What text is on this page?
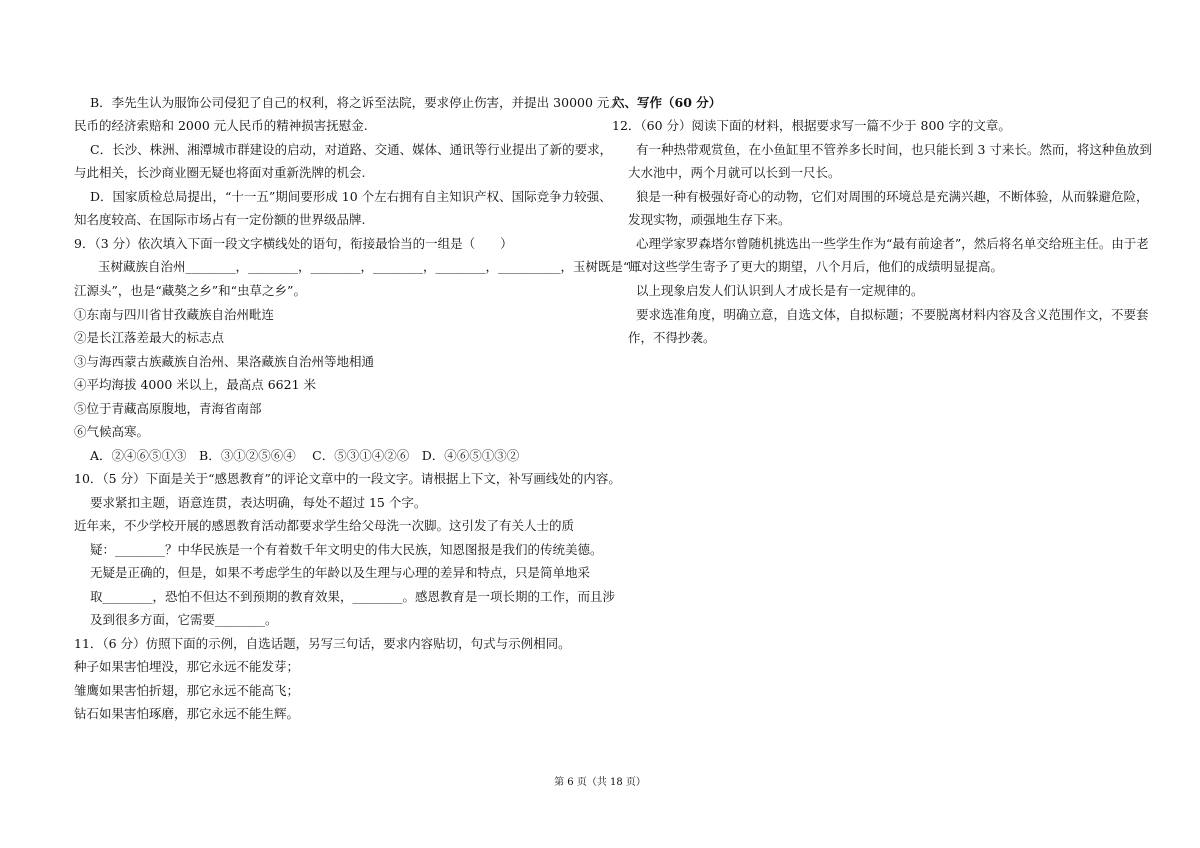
B．李先生认为服饰公司侵犯了自己的权利，将之诉至法院，要求停止伤害，并提出 30000 元人
民币的经济索赔和 2000 元人民币的精神损害抚慰金.
C．长沙、株洲、湘潭城市群建设的启动，对道路、交通、媒体、通讯等行业提出了新的要求，
与此相关，长沙商业圈无疑也将面对重新洗牌的机会.
D．国家质检总局提出，“十一五”期间要形成 10 个左右拥有自主知识产权、国际竞争力较强、
知名度较高、在国际市场占有一定份额的世界级品牌.
9．（3 分）依次填入下面一段文字横线处的语句，衔接最恰当的一组是（　　）
玉树藏族自治州________，________，________，________，________，__________，玉树既是“三
江源头”，也是“藏獒之乡”和“虫草之乡”。
①东南与四川省甘孜藏族自治州毗连
②是长江落差最大的标志点
③与海西蒙古族藏族自治州、果洛藏族自治州等地相通
④平均海拔 4000 米以上，最高点 6621 米
⑤位于青藏高原腹地，青海省南部
⑥气候高寒。
A．②④⑥⑤①③　B．③①②⑤⑥④　 C．⑤③①④②⑥　D．④⑥⑤①③②
10．（5 分）下面是关于“感恩教育”的评论文章中的一段文字。请根据上下文，补写画线处的内容。
要求紧扣主题，语意连贯，表达明确，每处不超过 15 个字。
近年来，不少学校开展的感恩教育活动都要求学生给父母洗一次脚。这引发了有关人士的质
疑：________？中华民族是一个有着数千年文明史的伟大民族，知恩图报是我们的传统美德。
无疑是正确的，但是，如果不考虑学生的年龄以及生理与心理的差异和特点，只是简单地采
取________，恐怕不但达不到预期的教育效果，________。感恩教育是一项长期的工作，而且涉
及到很多方面，它需要________。
11．（6 分）仿照下面的示例，自选话题，另写三句话，要求内容贴切，句式与示例相同。
种子如果害怕埋没，那它永远不能发芽；
雏鹰如果害怕折翅，那它永远不能高飞；
钻石如果害怕琢磨，那它永远不能生辉。
六、写作（60 分）
12．（60 分）阅读下面的材料，根据要求写一篇不少于 800 字的文章。
有一种热带观赏鱼，在小鱼缸里不管养多长时间，也只能长到 3 寸来长。然而，将这种鱼放到
大水池中，两个月就可以长到一尺长。
狼是一种有极强好奇心的动物，它们对周围的环境总是充满兴趣，不断体验，从而躲避危险，
发现实物，顽强地生存下来。
心理学家罗森塔尔曾随机挑选出一些学生作为“最有前途者”，然后将名单交给班主任。由于老
师对这些学生寄予了更大的期望，八个月后，他们的成绩明显提高。
以上现象启发人们认识到人才成长是有一定规律的。
要求选准角度，明确立意，自选文体，自拟标题；不要脱离材料内容及含义范围作文，不要套
作，不得抄袭。
第 6 页（共 18 页）
